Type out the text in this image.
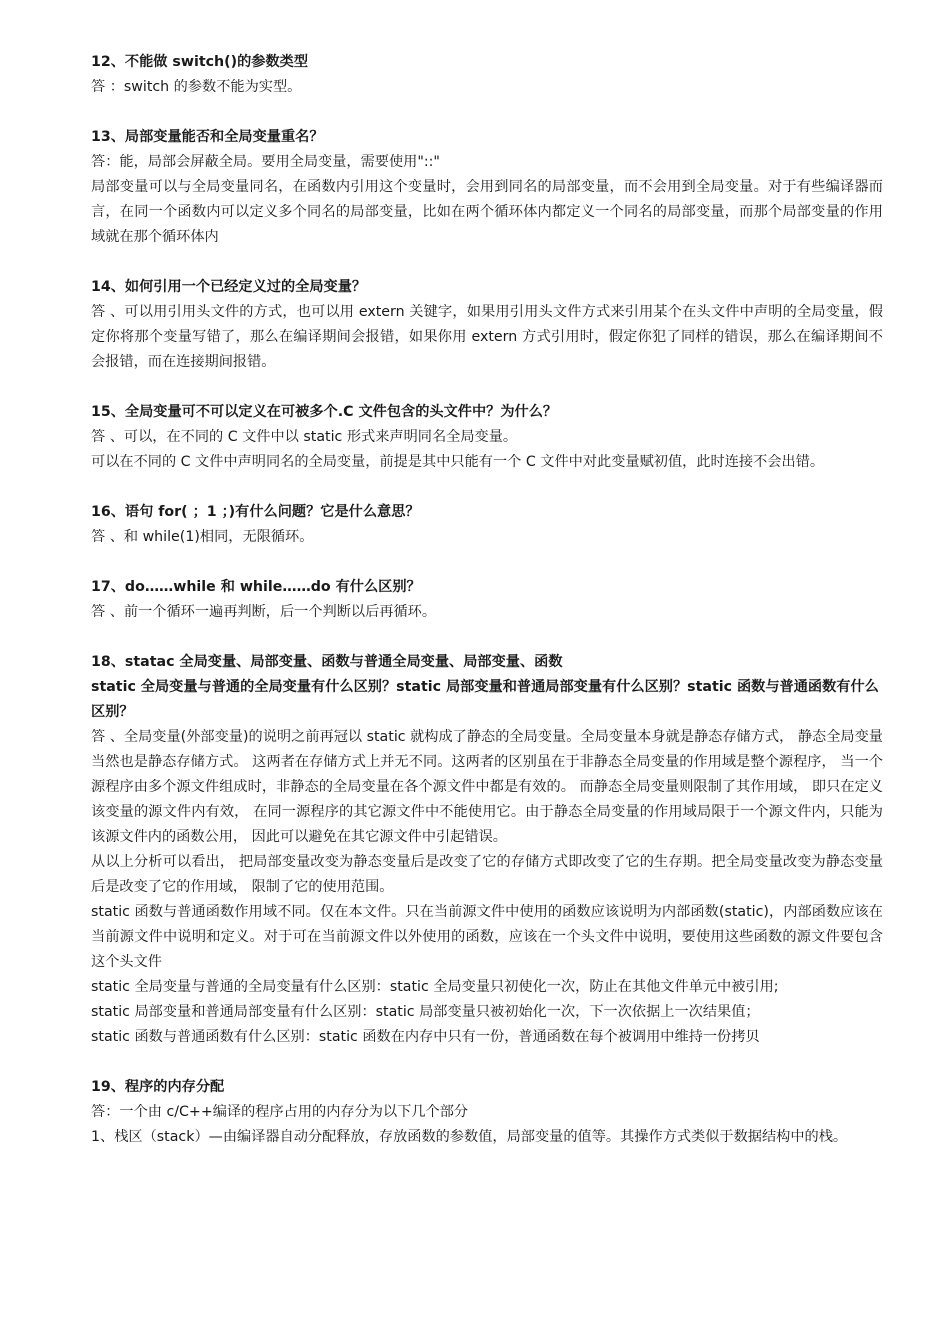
12、不能做 switch()的参数类型

答 ：switch 的参数不能为实型。

13、局部变量能否和全局变量重名？

答：能，局部会屏蔽全局。要用全局变量，需要使用"::"

局部变量可以与全局变量同名，在函数内引用这个变量时，会用到同名的局部变量，而不会用到全局变量。对于有些编译器而言，在同一个函数内可以定义多个同名的局部变量，比如在两个循环体内都定义一个同名的局部变量，而那个局部变量的作用域就在那个循环体内

14、如何引用一个已经定义过的全局变量？

答 、可以用引用头文件的方式，也可以用 extern 关键字，如果用引用头文件方式来引用某个在头文件中声明的全局变量，假定你将那个变量写错了，那么在编译期间会报错，如果你用 extern 方式引用时，假定你犯了同样的错误，那么在编译期间不会报错，而在连接期间报错。

15、全局变量可不可以定义在可被多个.C 文件包含的头文件中？为什么？

答 、可以，在不同的 C 文件中以 static 形式来声明同名全局变量。

可以在不同的 C 文件中声明同名的全局变量，前提是其中只能有一个 C 文件中对此变量赋初值，此时连接不会出错。

16、语句 for( ；1 ；)有什么问题？它是什么意思？

答 、和 while(1)相同，无限循环。

17、do……while 和 while……do 有什么区别？

答 、前一个循环一遍再判断，后一个判断以后再循环。

18、statac 全局变量、局部变量、函数与普通全局变量、局部变量、函数

static 全局变量与普通的全局变量有什么区别？static 局部变量和普通局部变量有什么区别？static 函数与普通函数有什么区别？

答 、全局变量(外部变量)的说明之前再冠以 static 就构成了静态的全局变量。全局变量本身就是静态存储方式， 静态全局变量当然也是静态存储方式。 这两者在存储方式上并无不同。这两者的区别虽在于非静态全局变量的作用域是整个源程序， 当一个源程序由多个源文件组成时，非静态的全局变量在各个源文件中都是有效的。 而静态全局变量则限制了其作用域， 即只在定义该变量的源文件内有效， 在同一源程序的其它源文件中不能使用它。由于静态全局变量的作用域局限于一个源文件内，只能为该源文件内的函数公用， 因此可以避免在其它源文件中引起错误。

从以上分析可以看出， 把局部变量改变为静态变量后是改变了它的存储方式即改变了它的生存期。把全局变量改变为静态变量后是改变了它的作用域， 限制了它的使用范围。

static 函数与普通函数作用域不同。仅在本文件。只在当前源文件中使用的函数应该说明为内部函数(static)，内部函数应该在当前源文件中说明和定义。对于可在当前源文件以外使用的函数，应该在一个头文件中说明，要使用这些函数的源文件要包含这个头文件

static 全局变量与普通的全局变量有什么区别：static 全局变量只初使化一次，防止在其他文件单元中被引用;

static 局部变量和普通局部变量有什么区别：static 局部变量只被初始化一次，下一次依据上一次结果值；

static 函数与普通函数有什么区别：static 函数在内存中只有一份，普通函数在每个被调用中维持一份拷贝

19、程序的内存分配

答：一个由 c/C++编译的程序占用的内存分为以下几个部分

1、栈区（stack）—由编译器自动分配释放，存放函数的参数值，局部变量的值等。其操作方式类似于数据结构中的栈。
